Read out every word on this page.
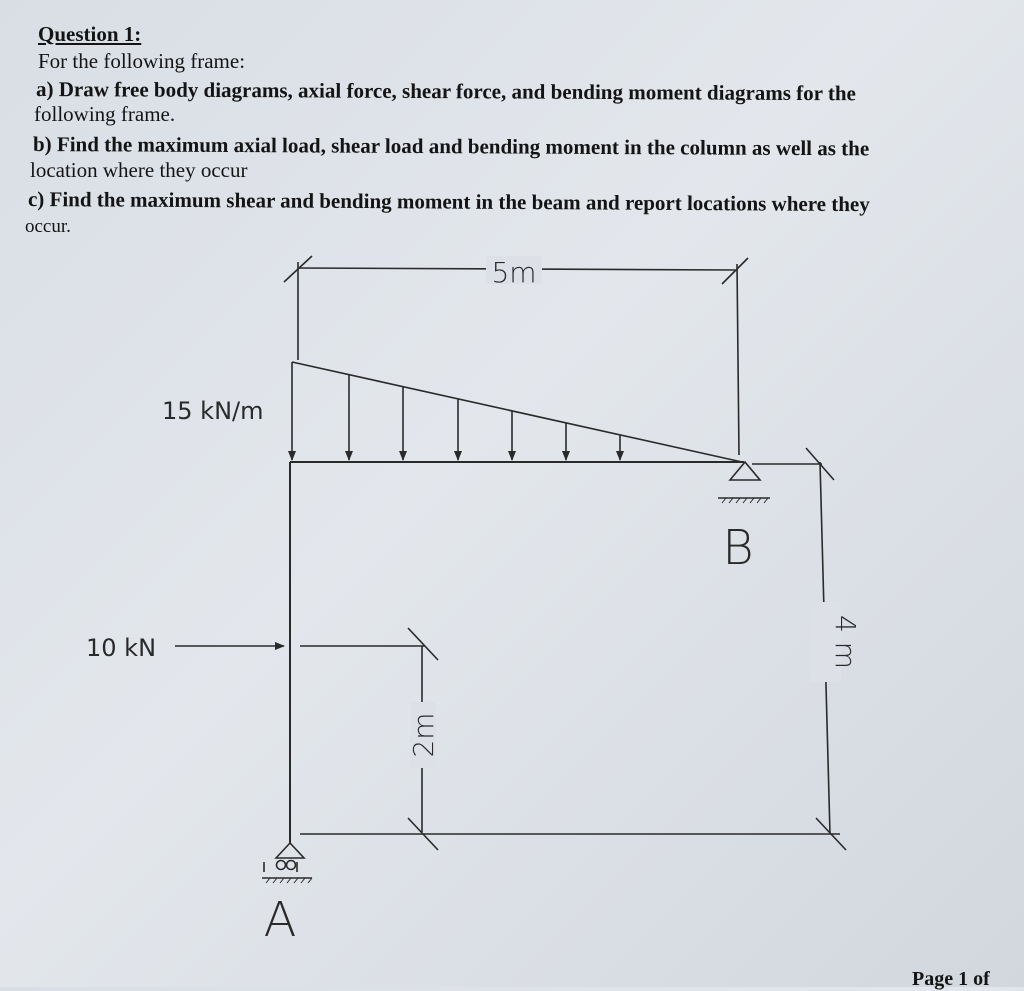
Question 1:
For the following frame:
a) Draw free body diagrams, axial force, shear force, and bending moment diagrams for the
following frame.
b) Find the maximum axial load, shear load and bending moment in the column as well as the
location where they occur
c) Find the maximum shear and bending moment in the beam and report locations where they
occur.
5m
15 kN/m
10 kN
B
A
2m
4 m
Page 1 of
